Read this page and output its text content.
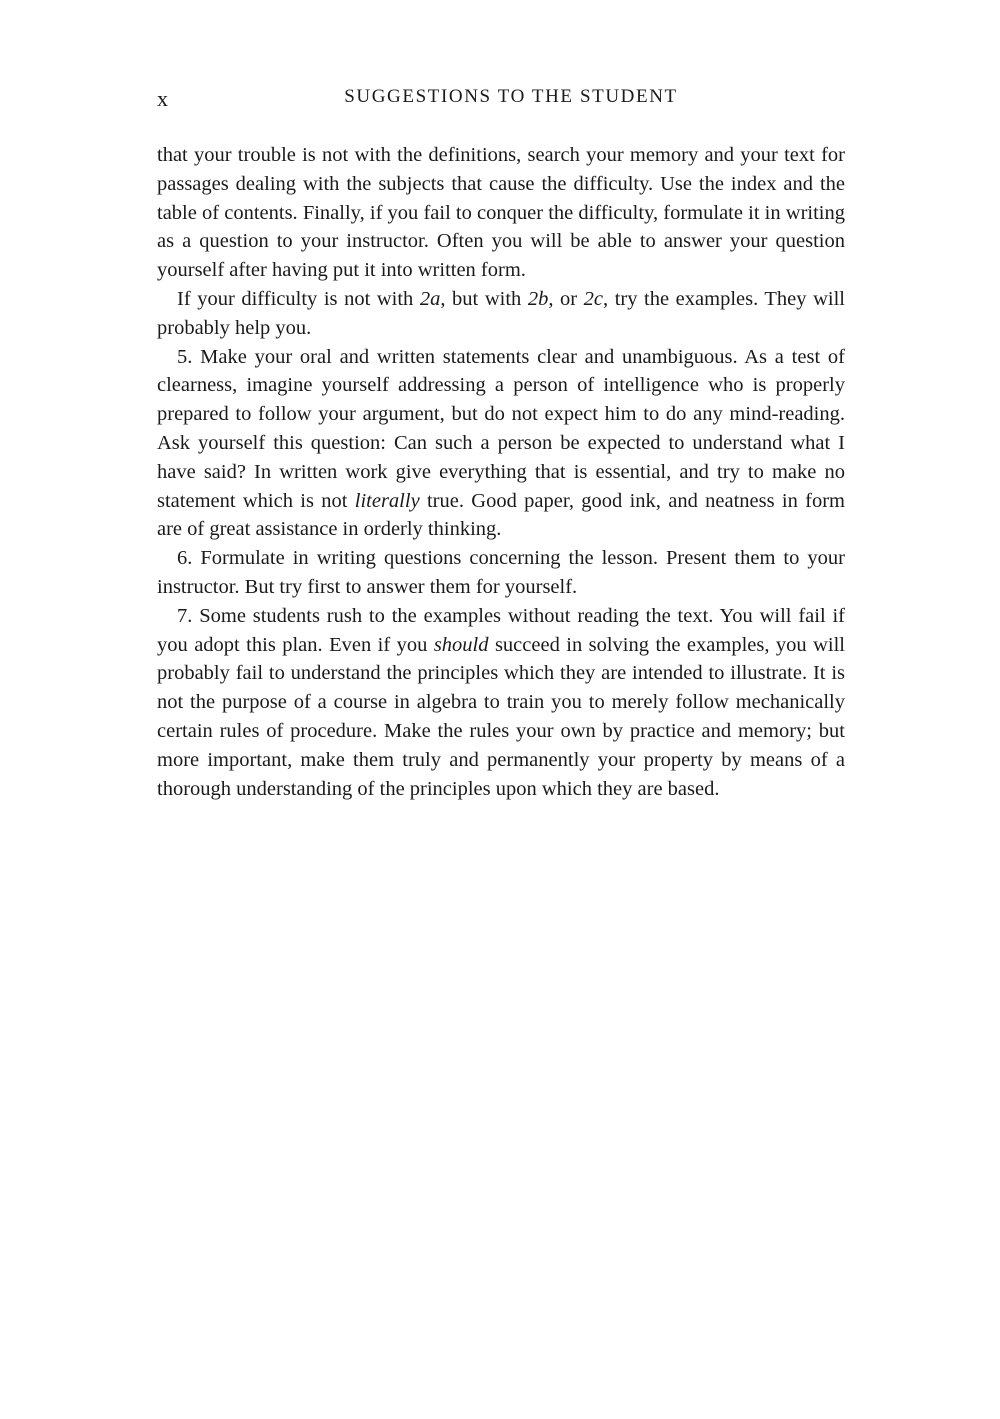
x	SUGGESTIONS TO THE STUDENT

that your trouble is not with the definitions, search your memory and your text for passages dealing with the subjects that cause the difficulty. Use the index and the table of contents. Finally, if you fail to conquer the difficulty, formulate it in writing as a question to your instructor. Often you will be able to answer your question yourself after having put it into written form.

If your difficulty is not with 2a, but with 2b, or 2c, try the examples. They will probably help you.

5. Make your oral and written statements clear and unambiguous. As a test of clearness, imagine yourself addressing a person of intelligence who is properly prepared to follow your argument, but do not expect him to do any mind-reading. Ask yourself this question: Can such a person be expected to understand what I have said? In written work give everything that is essential, and try to make no statement which is not literally true. Good paper, good ink, and neatness in form are of great assistance in orderly thinking.

6. Formulate in writing questions concerning the lesson. Present them to your instructor. But try first to answer them for yourself.

7. Some students rush to the examples without reading the text. You will fail if you adopt this plan. Even if you should succeed in solving the examples, you will probably fail to understand the principles which they are intended to illustrate. It is not the purpose of a course in algebra to train you to merely follow mechanically certain rules of procedure. Make the rules your own by practice and memory; but more important, make them truly and permanently your property by means of a thorough understanding of the principles upon which they are based.
